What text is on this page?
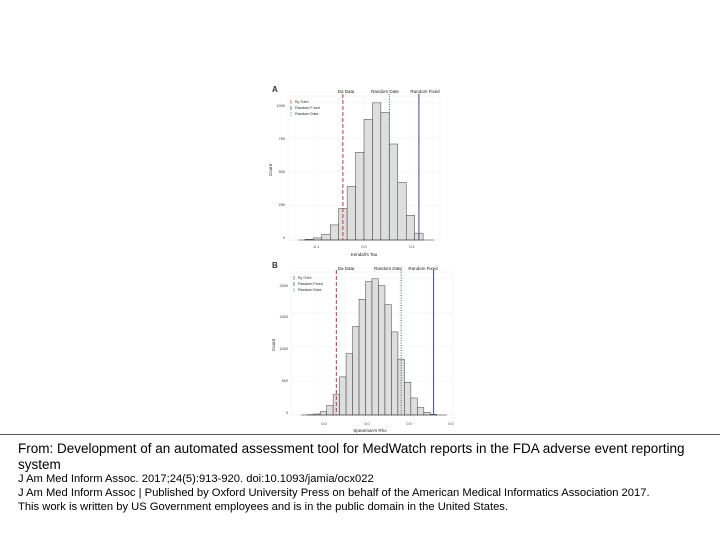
A	Da Data	Random Date	Random Fixed
By Data
Random Fixed
Random Date
Count
Kendall's Tau
1000
750
500
250
0
-0.1	0.0	0.1
B	Da Data	Random Date Random Fixed
By Data
Random Fixed
Random Date
Count
Spearman's Rho
2000
1500
1000
500
0
0.0	0.0	0.0	0.0
From: Development of an automated assessment tool for MedWatch reports in the FDA adverse event reporting system
J Am Med Inform Assoc. 2017;24(5):913-920. doi:10.1093/jamia/ocx022
J Am Med Inform Assoc | Published by Oxford University Press on behalf of the American Medical Informatics Association 2017.
This work is written by US Government employees and is in the public domain in the United States.
